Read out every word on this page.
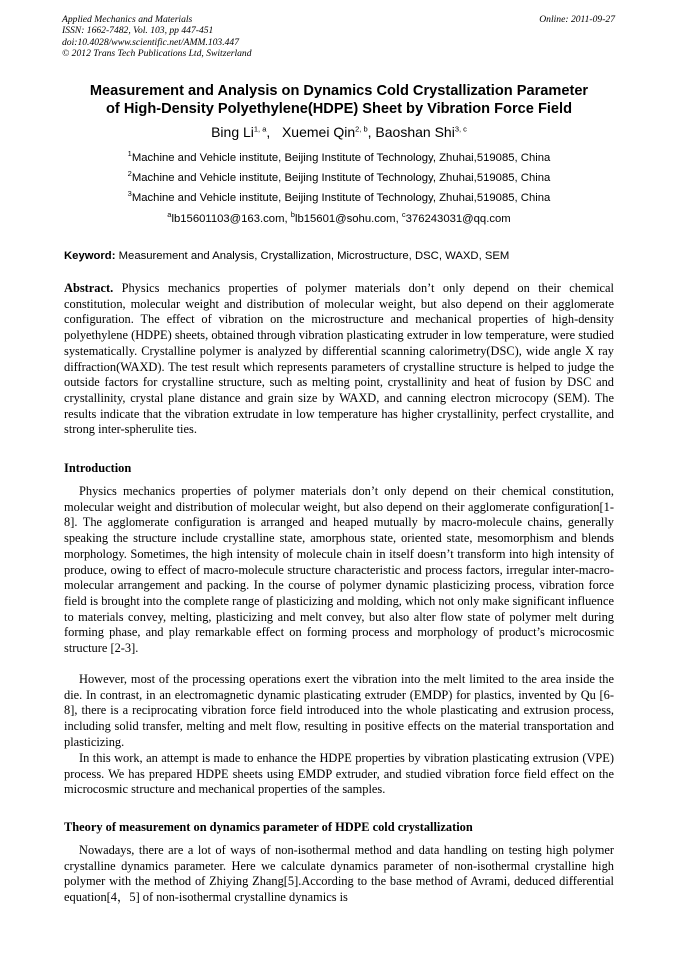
Applied Mechanics and Materials
ISSN: 1662-7482, Vol. 103, pp 447-451
doi:10.4028/www.scientific.net/AMM.103.447
© 2012 Trans Tech Publications Ltd, Switzerland
Online: 2011-09-27
Measurement and Analysis on Dynamics Cold Crystallization Parameter
of High-Density Polyethylene(HDPE) Sheet by Vibration Force Field
Bing Li$^{1, a}$,   Xuemei Qin$^{2, b}$, Baoshan Shi$^{3, c}$
$^1$Machine and Vehicle institute, Beijing Institute of Technology, Zhuhai,519085, China
$^2$Machine and Vehicle institute, Beijing Institute of Technology, Zhuhai,519085, China
$^3$Machine and Vehicle institute, Beijing Institute of Technology, Zhuhai,519085, China
$^a$lb15601103@163.com, $^b$lb15601@sohu.com, $^c$376243031@qq.com
Keyword: Measurement and Analysis, Crystallization, Microstructure, DSC, WAXD, SEM

Abstract. Physics mechanics properties of polymer materials don’t only depend on their chemical constitution, molecular weight and distribution of molecular weight, but also depend on their agglomerate configuration. The effect of vibration on the microstructure and mechanical properties of high-density polyethylene (HDPE) sheets, obtained through vibration plasticating extruder in low temperature, were studied systematically. Crystalline polymer is analyzed by differential scanning calorimetry(DSC), wide angle X ray diffraction(WAXD). The test result which represents parameters of crystalline structure is helped to judge the outside factors for crystalline structure, such as melting point, crystallinity and heat of fusion by DSC and crystallinity, crystal plane distance and grain size by WAXD, and canning electron microcopy (SEM). The results indicate that the vibration extrudate in low temperature has higher crystallinity, perfect crystallite, and strong inter-spherulite ties.

Introduction

Physics mechanics properties of polymer materials don’t only depend on their chemical constitution, molecular weight and distribution of molecular weight, but also depend on their agglomerate configuration[1-8]. The agglomerate configuration is arranged and heaped mutually by macro-molecule chains, generally speaking the structure include crystalline state, amorphous state, oriented state, mesomorphism and blends morphology. Sometimes, the high intensity of molecule chain in itself doesn’t transform into high intensity of produce, owing to effect of macro-molecule structure characteristic and process factors, irregular inter-macro-molecular arrangement and packing. In the course of polymer dynamic plasticizing process, vibration force field is brought into the complete range of plasticizing and molding, which not only make significant influence to materials convey, melting, plasticizing and melt convey, but also alter flow state of polymer melt during forming phase, and play remarkable effect on forming process and morphology of product’s microcosmic structure [2-3].

However, most of the processing operations exert the vibration into the melt limited to the area inside the die. In contrast, in an electromagnetic dynamic plasticating extruder (EMDP) for plastics, invented by Qu [6-8], there is a reciprocating vibration force field introduced into the whole plasticating and extrusion process, including solid transfer, melting and melt flow, resulting in positive effects on the material transportation and plasticizing.

In this work, an attempt is made to enhance the HDPE properties by vibration plasticating extrusion (VPE) process. We has prepared HDPE sheets using EMDP extruder, and studied vibration force field effect on the microcosmic structure and mechanical properties of the samples.

Theory of measurement on dynamics parameter of HDPE cold crystallization

Nowadays, there are a lot of ways of non-isothermal method and data handling on testing high polymer crystalline dynamics parameter. Here we calculate dynamics parameter of non-isothermal crystalline high polymer with the method of Zhiying Zhang[5].According to the base method of Avrami, deduced differential equation[4，5] of non-isothermal crystalline dynamics is
